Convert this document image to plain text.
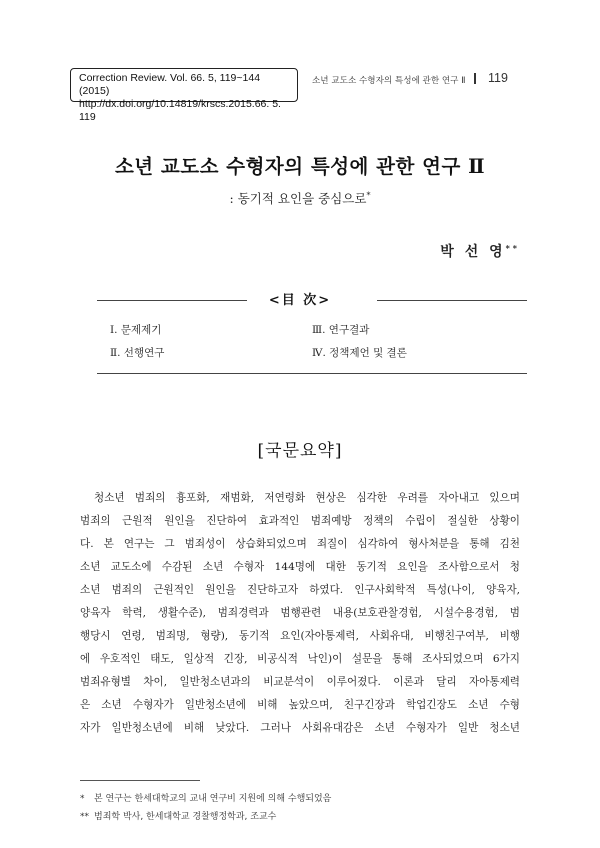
Correction Review. Vol. 66. 5, 119~144 (2015)
http://dx.doi.org/10.14819/krscs.2015.66. 5. 119
소년 교도소 수형자의 특성에 관한 연구 Ⅱ	119
소년 교도소 수형자의 특성에 관한 연구 Ⅱ
: 동기적 요인을 중심으로*
박 선 영**
<目 次>
Ⅰ. 문제제기
Ⅱ. 선행연구
Ⅲ. 연구결과
Ⅳ. 정책제언 및 결론
[국문요약]
청소년 범죄의 흉포화, 재범화, 저연령화 현상은 심각한 우려를 자아내고 있으며
범죄의 근원적 원인을 진단하여 효과적인 범죄예방 정책의 수립이 절실한 상황이
다. 본 연구는 그 범죄성이 상습화되었으며 죄질이 심각하여 형사처분을 통해 김천
소년 교도소에 수감된 소년 수형자 144명에 대한 동기적 요인을 조사함으로서 청
소년 범죄의 근원적인 원인을 진단하고자 하였다. 인구사회학적 특성(나이, 양육자,
양육자 학력, 생활수준), 범죄경력과 범행관련 내용(보호관찰경험, 시설수용경험, 범
행당시 연령, 범죄명, 형량), 동기적 요인(자아통제력, 사회유대, 비행친구여부, 비행
에 우호적인 태도, 일상적 긴장, 비공식적 낙인)이 설문을 통해 조사되었으며 6가지
범죄유형별 차이, 일반청소년과의 비교분석이 이루어졌다. 이론과 달리 자아통제력
은 소년 수형자가 일반청소년에 비해 높았으며, 친구긴장과 학업긴장도 소년 수형
자가 일반청소년에 비해 낮았다. 그러나 사회유대감은 소년 수형자가 일반 청소년
* 본 연구는 한세대학교의 교내 연구비 지원에 의해 수행되었음
** 범죄학 박사, 한세대학교 경찰행정학과, 조교수
